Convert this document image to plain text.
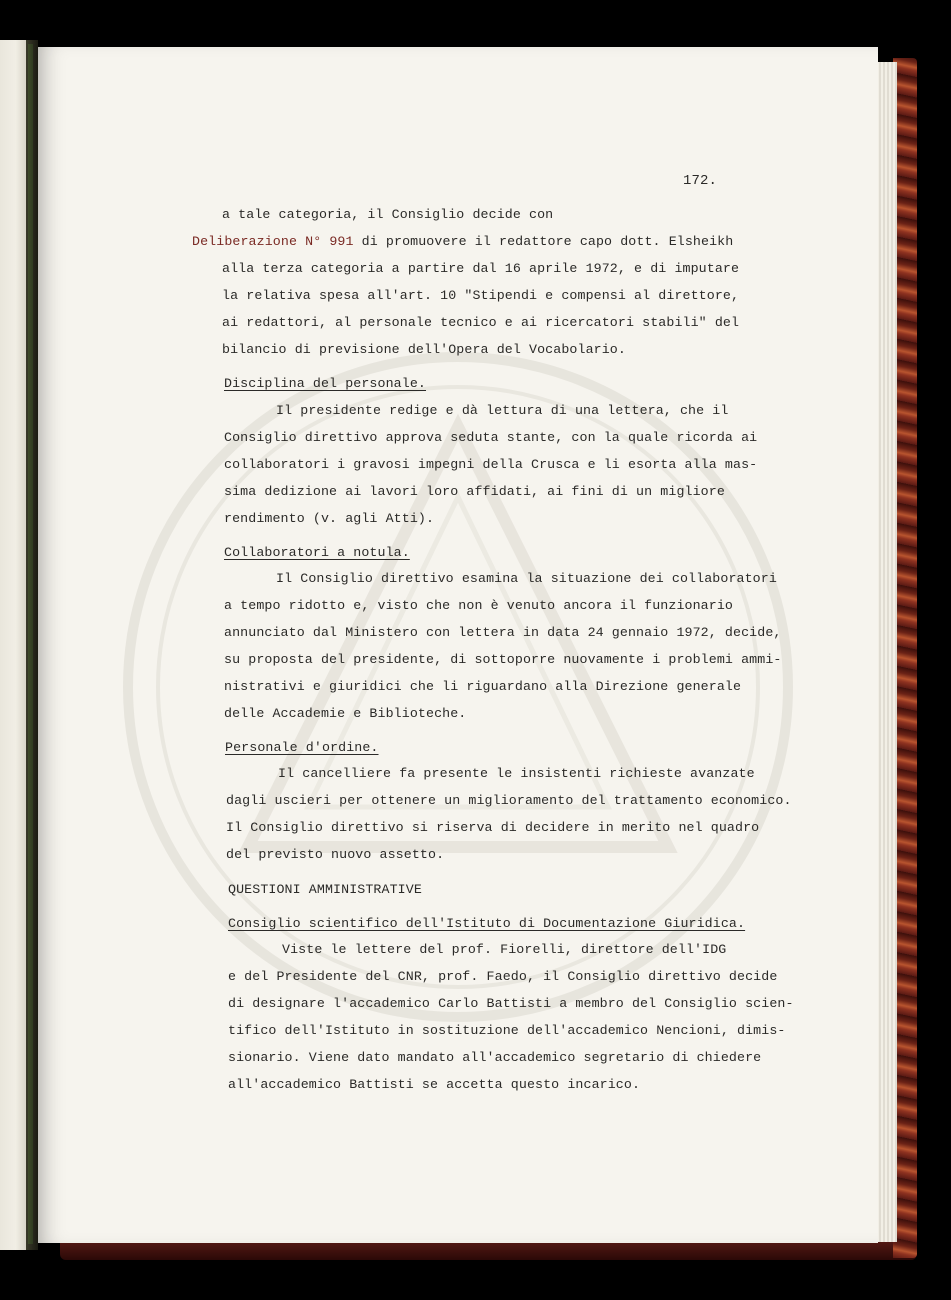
172.
a tale categoria, il Consiglio decide con
Deliberazione N° 991 di promuovere il redattore capo dott. Elsheikh
alla terza categoria a partire dal 16 aprile 1972, e di imputare
la relativa spesa all'art. 10 "Stipendi e compensi al direttore,
ai redattori, al personale tecnico e ai ricercatori stabili" del
bilancio di previsione dell'Opera del Vocabolario.
Disciplina del personale.
Il presidente redige e dà lettura di una lettera, che il
Consiglio direttivo approva seduta stante, con la quale ricorda ai
collaboratori i gravosi impegni della Crusca e li esorta alla mas-
sima dedizione ai lavori loro affidati, ai fini di un migliore
rendimento (v. agli Atti).
Collaboratori a notula.
Il Consiglio direttivo esamina la situazione dei collaboratori
a tempo ridotto e, visto che non è venuto ancora il funzionario
annunciato dal Ministero con lettera in data 24 gennaio 1972, decide,
su proposta del presidente, di sottoporre nuovamente i problemi ammi-
nistrativi e giuridici che li riguardano alla Direzione generale
delle Accademie e Biblioteche.
Personale d'ordine.
Il cancelliere fa presente le insistenti richieste avanzate
dagli uscieri per ottenere un miglioramento del trattamento economico.
Il Consiglio direttivo si riserva di decidere in merito nel quadro
del previsto nuovo assetto.
QUESTIONI AMMINISTRATIVE
Consiglio scientifico dell'Istituto di Documentazione Giuridica.
Viste le lettere del prof. Fiorelli, direttore dell'IDG
e del Presidente del CNR, prof. Faedo, il Consiglio direttivo decide
di designare l'accademico Carlo Battisti a membro del Consiglio scien-
tifico dell'Istituto in sostituzione dell'accademico Nencioni, dimis-
sionario. Viene dato mandato all'accademico segretario di chiedere
all'accademico Battisti se accetta questo incarico.
